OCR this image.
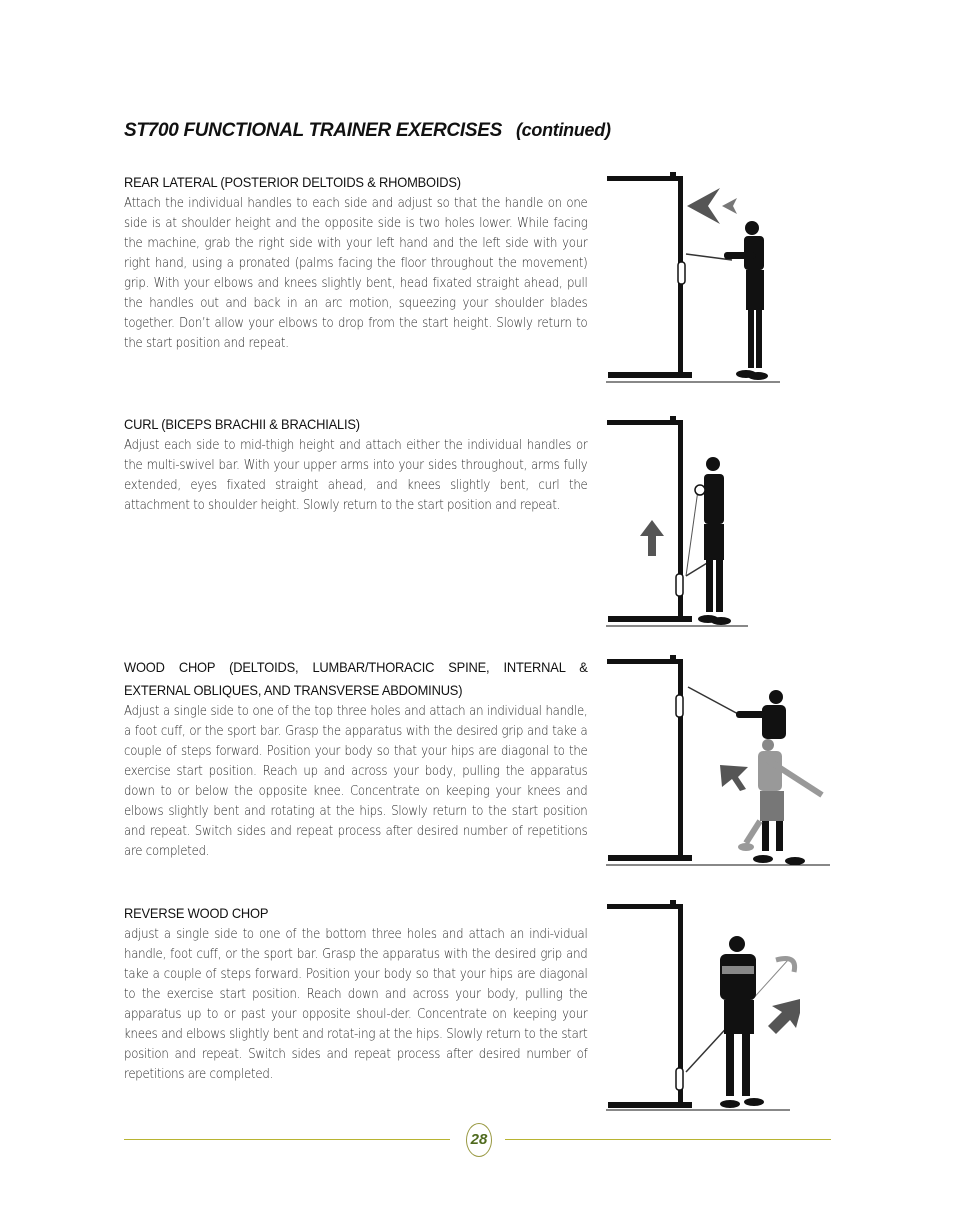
ST700 FUNCTIONAL TRAINER EXERCISES (continued)
REAR LATERAL (POSTERIOR DELTOIDS & RHOMBOIDS)

Attach the individual handles to each side and adjust so that the handle on one side is at shoulder height and the opposite side is two holes lower. While facing the machine, grab the right side with your left hand and the left side with your right hand, using a pronated (palms facing the floor throughout the movement) grip. With your elbows and knees slightly bent, head fixated straight ahead, pull the handles out and back in an arc motion, squeezing your shoulder blades together. Don’t allow your elbows to drop from the start height. Slowly return to the start position and repeat.

CURL (BICEPS BRACHII & BRACHIALIS)

Adjust each side to mid-thigh height and attach either the individual handles or the multi-swivel bar. With your upper arms into your sides throughout, arms fully extended, eyes fixated straight ahead, and knees slightly bent, curl the attachment to shoulder height. Slowly return to the start position and repeat.

WOOD CHOP (DELTOIDS, LUMBAR/THORACIC SPINE, INTERNAL & EXTERNAL OBLIQUES, AND TRANSVERSE ABDOMINUS)

Adjust a single side to one of the top three holes and attach an individual handle, a foot cuff, or the sport bar. Grasp the apparatus with the desired grip and take a couple of steps forward. Position your body so that your hips are diagonal to the exercise start position. Reach up and across your body, pulling the apparatus down to or below the opposite knee. Concentrate on keeping your knees and elbows slightly bent and rotating at the hips. Slowly return to the start position and repeat. Switch sides and repeat process after desired number of repetitions are completed.

REVERSE WOOD CHOP

adjust a single side to one of the bottom three holes and attach an indi-vidual handle, foot cuff, or the sport bar. Grasp the apparatus with the desired grip and take a couple of steps forward. Position your body so that your hips are diagonal to the exercise start position. Reach down and across your body, pulling the apparatus up to or past your opposite shoul-der. Concentrate on keeping your knees and elbows slightly bent and rotat-ing at the hips. Slowly return to the start position and repeat. Switch sides and repeat process after desired number of repetitions are completed.

28
